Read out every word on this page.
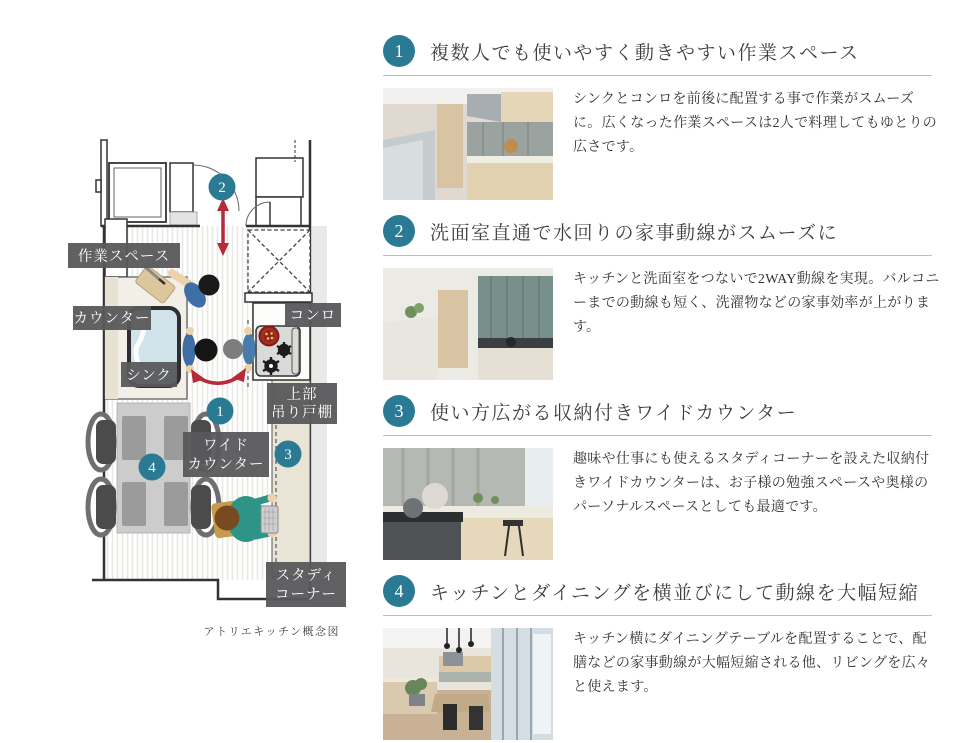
2
1
3
4
作業スペース
カウンター
シンク
コンロ
上部
吊り戸棚
ワイド
カウンター
スタディ
コーナー
アトリエキッチン概念図
1	複数人でも使いやすく動きやすい作業スペース
シンクとコンロを前後に配置する事で作業がスムーズに。広くなった作業スペースは2人で料理してもゆとりの広さです。
2	洗面室直通で水回りの家事動線がスムーズに
キッチンと洗面室をつないで2WAY動線を実現。バルコニーまでの動線も短く、洗濯物などの家事効率が上がります。
3	使い方広がる収納付きワイドカウンター
趣味や仕事にも使えるスタディコーナーを設えた収納付きワイドカウンターは、お子様の勉強スペースや奥様のパーソナルスペースとしても最適です。
4	キッチンとダイニングを横並びにして動線を大幅短縮
キッチン横にダイニングテーブルを配置することで、配膳などの家事動線が大幅短縮される他、リビングを広々と使えます。
